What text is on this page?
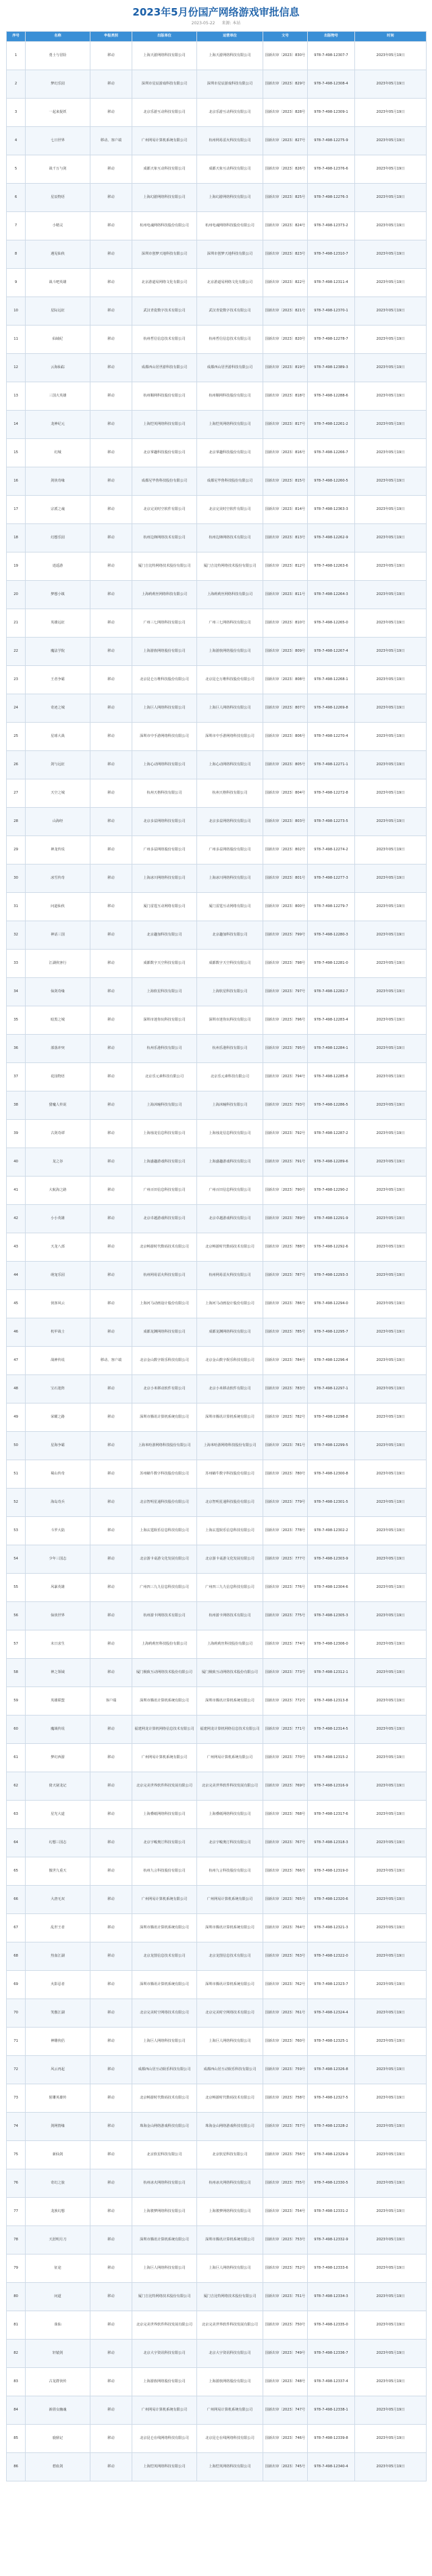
2023年5月份国产网络游戏审批信息
2023-05-22 来源: 本站
序号	名称	申报类别	出版单位	运营单位	文号	出版物号	时间
1	勇士与冒险	移动	上海天游网络科技有限公司	上海天游网络科技有限公司	国新出审〔2023〕830号	978-7-498-12307-7	2023年05月19日
2	梦幻乐园	移动	深圳市星辰游戏科技有限公司	深圳市星辰游戏科技有限公司	国新出审〔2023〕829号	978-7-498-12308-4	2023年05月19日
3	一起来捉妖	移动	北京乐游互动科技有限公司	北京乐游互动科技有限公司	国新出审〔2023〕828号	978-7-498-12309-1	2023年05月19日
4	七日世界	移动、客户端	广州网易计算机系统有限公司	杭州网易雷火科技有限公司	国新出审〔2023〕827号	978-7-498-12275-9	2023年05月19日
5	战千万与剑	移动	成都天象互动科技有限公司	成都天象互动科技有限公司	国新出审〔2023〕826号	978-7-498-12376-6	2023年05月19日
6	星辰物语	移动	上海幻游网络科技有限公司	上海幻游网络科技有限公司	国新出审〔2023〕825号	978-7-498-12276-3	2023年05月19日
7	小精灵	移动	杭州电魂网络科技股份有限公司	杭州电魂网络科技股份有限公司	国新出审〔2023〕824号	978-7-498-12373-2	2023年05月19日
8	遇见仙侠	移动	深圳市创梦天地科技有限公司	深圳市创梦天地科技有限公司	国新出审〔2023〕823号	978-7-498-12310-7	2023年05月19日
9	战斗吧英雄	移动	北京游道易网络文化有限公司	北京游道易网络文化有限公司	国新出审〔2023〕822号	978-7-498-12311-4	2023年05月19日
10	星际远征	移动	武汉青瓷数字技术有限公司	武汉青瓷数字技术有限公司	国新出审〔2023〕821号	978-7-498-12370-1	2023年05月19日
11	仙域纪	移动	杭州哲信信息技术有限公司	杭州哲信信息技术有限公司	国新出审〔2023〕820号	978-7-498-12278-7	2023年05月19日
12	云海仙踪	移动	成都西山居世游科技有限公司	成都西山居世游科技有限公司	国新出审〔2023〕819号	978-7-498-12389-3	2023年05月19日
13	三国大英雄	移动	杭州顺网科技股份有限公司	杭州顺网科技股份有限公司	国新出审〔2023〕818号	978-7-498-12288-6	2023年05月19日
14	龙神纪元	移动	上海恺英网络科技有限公司	上海恺英网络科技有限公司	国新出审〔2023〕817号	978-7-498-12261-2	2023年05月19日
15	幻城	移动	北京掌趣科技股份有限公司	北京掌趣科技股份有限公司	国新出审〔2023〕816号	978-7-498-12266-7	2023年05月19日
16	剑侠奇缘	移动	成都尼毕鲁科技股份有限公司	成都尼毕鲁科技股份有限公司	国新出审〔2023〕815号	978-7-498-12260-5	2023年05月19日
17	宗派之魂	移动	北京完美时空软件有限公司	北京完美时空软件有限公司	国新出审〔2023〕814号	978-7-498-12363-3	2023年05月19日
18	幻想乐园	移动	杭州边锋网络技术有限公司	杭州边锋网络技术有限公司	国新出审〔2023〕813号	978-7-498-12262-9	2023年05月19日
19	逍遥游	移动	厦门吉比特网络技术股份有限公司	厦门吉比特网络技术股份有限公司	国新出审〔2023〕812号	978-7-498-12263-6	2023年05月19日
20	梦想小镇	移动	上海莉莉丝网络科技有限公司	上海莉莉丝网络科技有限公司	国新出审〔2023〕811号	978-7-498-12264-3	2023年05月19日
21	英雄远征	移动	广州三七网络科技有限公司	广州三七网络科技有限公司	国新出审〔2023〕810号	978-7-498-12265-0	2023年05月19日
22	魔法学院	移动	上海游族网络股份有限公司	上海游族网络股份有限公司	国新出审〔2023〕809号	978-7-498-12267-4	2023年05月19日
23	王者争霸	移动	北京昆仑万维科技股份有限公司	北京昆仑万维科技股份有限公司	国新出审〔2023〕808号	978-7-498-12268-1	2023年05月19日
24	奇迹之城	移动	上海巨人网络科技有限公司	上海巨人网络科技有限公司	国新出审〔2023〕807号	978-7-498-12269-8	2023年05月19日
25	星球大战	移动	深圳市中手游网络科技有限公司	深圳市中手游网络科技有限公司	国新出审〔2023〕806号	978-7-498-12270-4	2023年05月19日
26	剑与远征	移动	上海心动网络科技有限公司	上海心动网络科技有限公司	国新出审〔2023〕805号	978-7-498-12271-1	2023年05月19日
27	天空之城	移动	杭州天格科技有限公司	杭州天格科技有限公司	国新出审〔2023〕804号	978-7-498-12272-8	2023年05月19日
28	山海经	移动	北京多益网络科技有限公司	北京多益网络科技有限公司	国新出审〔2023〕803号	978-7-498-12273-5	2023年05月19日
29	神龙传说	移动	广州多益网络股份有限公司	广州多益网络股份有限公司	国新出审〔2023〕802号	978-7-498-12274-2	2023年05月19日
30	冰雪传奇	移动	上海冰川网络科技有限公司	上海冰川网络科技有限公司	国新出审〔2023〕801号	978-7-498-12277-3	2023年05月19日
31	问道仙侠	移动	厦门雷霆互动网络有限公司	厦门雷霆互动网络有限公司	国新出审〔2023〕800号	978-7-498-12279-7	2023年05月19日
32	神话三国	移动	北京趣加科技有限公司	北京趣加科技有限公司	国新出审〔2023〕799号	978-7-498-12280-3	2023年05月19日
33	江湖侠客行	移动	成都数字天空科技有限公司	成都数字天空科技有限公司	国新出审〔2023〕798号	978-7-498-12281-0	2023年05月19日
34	仙剑奇缘	移动	上海软星科技有限公司	上海软星科技有限公司	国新出审〔2023〕797号	978-7-498-12282-7	2023年05月19日
35	暗黑之城	移动	深圳市迷你玩科技有限公司	深圳市迷你玩科技有限公司	国新出审〔2023〕796号	978-7-498-12283-4	2023年05月19日
36	部落冲突	移动	杭州乐港科技有限公司	杭州乐港科技有限公司	国新出审〔2023〕795号	978-7-498-12284-1	2023年05月19日
37	花园物语	移动	北京乐元素科技有限公司	北京乐元素科技有限公司	国新出审〔2023〕794号	978-7-498-12285-8	2023年05月19日
38	猎魔人传说	移动	上海沐瞳科技有限公司	上海沐瞳科技有限公司	国新出审〔2023〕793号	978-7-498-12286-5	2023年05月19日
39	古剑奇谭	移动	上海烛龙信息科技有限公司	上海烛龙信息科技有限公司	国新出审〔2023〕792号	978-7-498-12287-2	2023年05月19日
40	龙之谷	移动	上海盛趣游戏科技有限公司	上海盛趣游戏科技有限公司	国新出审〔2023〕791号	978-7-498-12289-6	2023年05月19日
41	大航海之路	移动	广州百田信息科技有限公司	广州百田信息科技有限公司	国新出审〔2023〕790号	978-7-498-12290-2	2023年05月19日
42	小小英雄	移动	北京卓越游戏科技有限公司	北京卓越游戏科技有限公司	国新出审〔2023〕789号	978-7-498-12291-9	2023年05月19日
43	天龙八部	移动	北京畅游时代数码技术有限公司	北京畅游时代数码技术有限公司	国新出审〔2023〕788号	978-7-498-12292-6	2023年05月19日
44	萌宠乐园	移动	杭州网易雷火科技有限公司	杭州网易雷火科技有限公司	国新出审〔2023〕787号	978-7-498-12293-3	2023年05月19日
45	侠客风云	移动	上海河马动画设计股份有限公司	上海河马动画设计股份有限公司	国新出审〔2023〕786号	978-7-498-12294-0	2023年05月19日
46	机甲战士	移动	成都龙渊网络科技有限公司	成都龙渊网络科技有限公司	国新出审〔2023〕785号	978-7-498-12295-7	2023年05月19日
47	战神传说	移动、客户端	北京金山数字娱乐科技有限公司	北京金山数字娱乐科技有限公司	国新出审〔2023〕784号	978-7-498-12296-4	2023年05月19日
48	宝石迷阵	移动	北京小米移动软件有限公司	北京小米移动软件有限公司	国新出审〔2023〕783号	978-7-498-12297-1	2023年05月19日
49	荣耀之路	移动	深圳市腾讯计算机系统有限公司	深圳市腾讯计算机系统有限公司	国新出审〔2023〕782号	978-7-498-12298-8	2023年05月19日
50	星海争霸	移动	上海米哈游网络科技股份有限公司	上海米哈游网络科技股份有限公司	国新出审〔2023〕781号	978-7-498-12299-5	2023年05月19日
51	蜀山传奇	移动	苏州蜗牛数字科技股份有限公司	苏州蜗牛数字科技股份有限公司	国新出审〔2023〕780号	978-7-498-12300-8	2023年05月19日
52	海岛奇兵	移动	北京智明星通科技股份有限公司	北京智明星通科技股份有限公司	国新出审〔2023〕779号	978-7-498-12301-5	2023年05月19日
53	斗罗大陆	移动	上海玄霆娱乐信息科技有限公司	上海玄霆娱乐信息科技有限公司	国新出审〔2023〕778号	978-7-498-12302-2	2023年05月19日
54	少年三国志	移动	北京游卡桌游文化发展有限公司	北京游卡桌游文化发展有限公司	国新出审〔2023〕777号	978-7-498-12303-9	2023年05月19日
55	风暴英雄	移动	广州四三九九信息科技有限公司	广州四三九九信息科技有限公司	国新出审〔2023〕776号	978-7-498-12304-6	2023年05月19日
56	仙侠世界	移动	杭州游卡网络技术有限公司	杭州游卡网络技术有限公司	国新出审〔2023〕775号	978-7-498-12305-3	2023年05月19日
57	末日求生	移动	上海莉莉丝科技股份有限公司	上海莉莉丝科技股份有限公司	国新出审〔2023〕774号	978-7-498-12306-0	2023年05月19日
58	神之领域	移动	厦门极致互动网络技术股份有限公司	厦门极致互动网络技术股份有限公司	国新出审〔2023〕773号	978-7-498-12312-1	2023年05月19日
59	英雄联盟	客户端	深圳市腾讯计算机系统有限公司	深圳市腾讯计算机系统有限公司	国新出审〔2023〕772号	978-7-498-12313-8	2023年05月19日
60	魔域传说	移动	福建网龙计算机网络信息技术有限公司	福建网龙计算机网络信息技术有限公司	国新出审〔2023〕771号	978-7-498-12314-5	2023年05月19日
61	梦幻西游	移动	广州网易计算机系统有限公司	广州网易计算机系统有限公司	国新出审〔2023〕770号	978-7-498-12315-2	2023年05月19日
62	倚天屠龙记	移动	北京完美世界软件科技发展有限公司	北京完美世界软件科技发展有限公司	国新出审〔2023〕769号	978-7-498-12316-9	2023年05月19日
63	星光大道	移动	上海叠纸网络科技有限公司	上海叠纸网络科技有限公司	国新出审〔2023〕768号	978-7-498-12317-6	2023年05月19日
64	幻想三国志	移动	北京宇峻奥汀科技有限公司	北京宇峻奥汀科技有限公司	国新出审〔2023〕767号	978-7-498-12318-3	2023年05月19日
65	傲世九重天	移动	杭州九言科技股份有限公司	杭州九言科技股份有限公司	国新出审〔2023〕766号	978-7-498-12319-0	2023年05月19日
66	大唐无双	移动	广州网易计算机系统有限公司	广州网易计算机系统有限公司	国新出审〔2023〕765号	978-7-498-12320-6	2023年05月19日
67	乱世王者	移动	深圳市腾讯计算机系统有限公司	深圳市腾讯计算机系统有限公司	国新出审〔2023〕764号	978-7-498-12321-3	2023年05月19日
68	热血江湖	移动	北京龙图信息技术有限公司	北京龙图信息技术有限公司	国新出审〔2023〕763号	978-7-498-12322-0	2023年05月19日
69	火影忍者	移动	深圳市腾讯计算机系统有限公司	深圳市腾讯计算机系统有限公司	国新出审〔2023〕762号	978-7-498-12323-7	2023年05月19日
70	笑傲江湖	移动	北京完美时空网络技术有限公司	北京完美时空网络技术有限公司	国新出审〔2023〕761号	978-7-498-12324-4	2023年05月19日
71	神雕侠侣	移动	上海巨人网络科技有限公司	上海巨人网络科技有限公司	国新出审〔2023〕760号	978-7-498-12325-1	2023年05月19日
72	风云再起	移动	成都西山居互动娱乐科技有限公司	成都西山居互动娱乐科技有限公司	国新出审〔2023〕759号	978-7-498-12326-8	2023年05月19日
73	射雕英雄传	移动	北京畅游时代数码技术有限公司	北京畅游时代数码技术有限公司	国新出审〔2023〕758号	978-7-498-12327-5	2023年05月19日
74	剑网情缘	移动	珠海金山网络游戏科技有限公司	珠海金山网络游戏科技有限公司	国新出审〔2023〕757号	978-7-498-12328-2	2023年05月19日
75	新仙剑	移动	北京软星科技有限公司	北京软星科技有限公司	国新出审〔2023〕756号	978-7-498-12329-9	2023年05月19日
76	奇幻之旅	移动	杭州冰火网络科技有限公司	杭州冰火网络科技有限公司	国新出审〔2023〕755号	978-7-498-12330-5	2023年05月19日
77	龙族幻想	移动	上海骏梦网络科技有限公司	上海骏梦网络科技有限公司	国新出审〔2023〕754号	978-7-498-12331-2	2023年05月19日
78	天涯明月刀	移动	深圳市腾讯计算机系统有限公司	深圳市腾讯计算机系统有限公司	国新出审〔2023〕753号	978-7-498-12332-9	2023年05月19日
79	征途	移动	上海巨人网络科技有限公司	上海巨人网络科技有限公司	国新出审〔2023〕752号	978-7-498-12333-6	2023年05月19日
80	问道	移动	厦门吉比特网络技术股份有限公司	厦门吉比特网络技术股份有限公司	国新出审〔2023〕751号	978-7-498-12334-3	2023年05月19日
81	诛仙	移动	北京完美世界软件科技发展有限公司	北京完美世界软件科技发展有限公司	国新出审〔2023〕750号	978-7-498-12335-0	2023年05月19日
82	轩辕剑	移动	北京大宇资讯科技有限公司	北京大宇资讯科技有限公司	国新出审〔2023〕749号	978-7-498-12336-7	2023年05月19日
83	古龙群侠传	移动	上海游族网络股份有限公司	上海游族网络股份有限公司	国新出审〔2023〕748号	978-7-498-12337-4	2023年05月19日
84	新倩女幽魂	移动	广州网易计算机系统有限公司	广州网易计算机系统有限公司	国新出审〔2023〕747号	978-7-498-12338-1	2023年05月19日
85	鹿鼎记	移动	北京昆仑在线网络科技有限公司	北京昆仑在线网络科技有限公司	国新出审〔2023〕746号	978-7-498-12339-8	2023年05月19日
86	碧血剑	移动	上海恺英网络科技有限公司	上海恺英网络科技有限公司	国新出审〔2023〕745号	978-7-498-12340-4	2023年05月19日
